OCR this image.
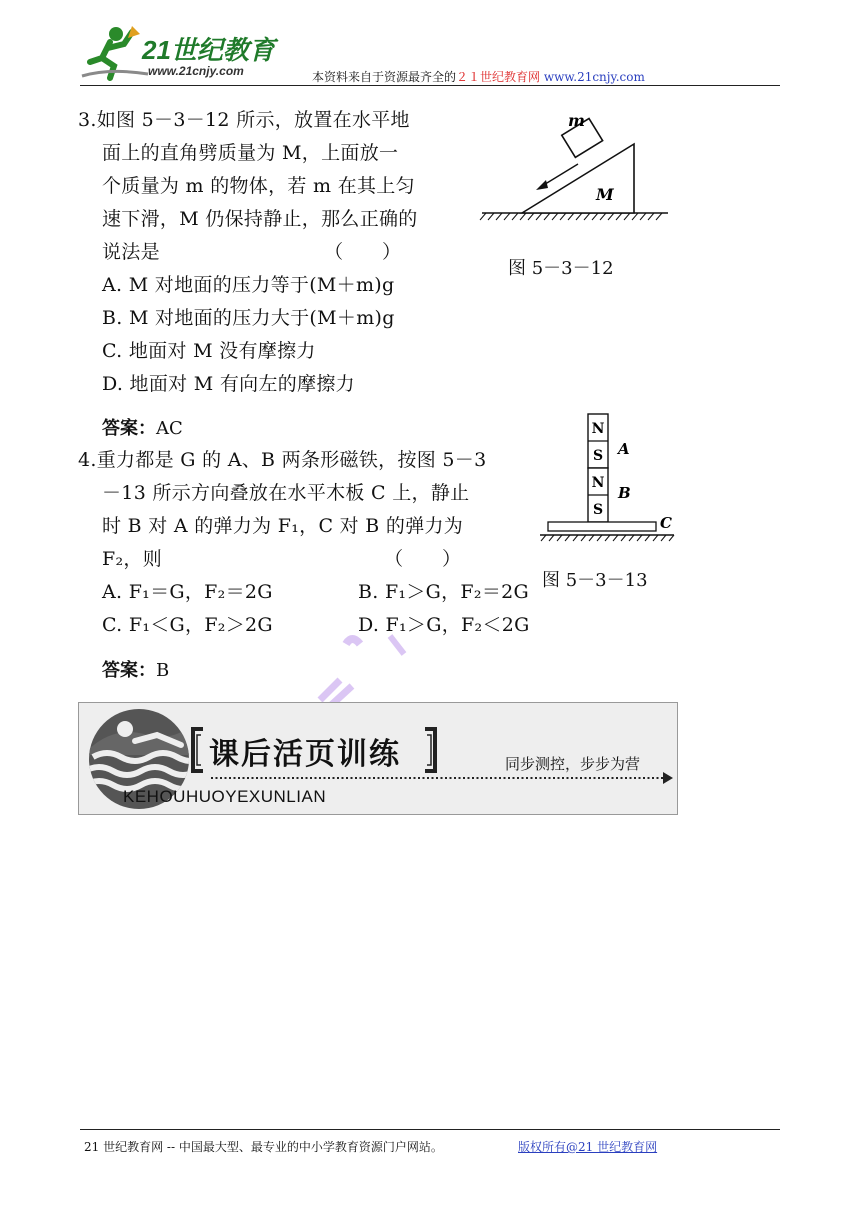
21世纪教育
www.21cnjy.com	本资料来自于资源最齐全的２１世纪教育网 www.21cnjy.com
3.如图 5－3－12 所示，放置在水平地
面上的直角劈质量为 M，上面放一
个质量为 m 的物体，若 m 在其上匀
速下滑，M 仍保持静止，那么正确的
说法是　　　　　　　　　（　　）
A. M 对地面的压力等于(M＋m)g
B. M 对地面的压力大于(M＋m)g
C. 地面对 M 没有摩擦力
D. 地面对 M 有向左的摩擦力
m
M
图 5－3－12
答案：AC
4.重力都是 G 的 A、B 两条形磁铁，按图 5－3
－13 所示方向叠放在水平木板 C 上，静止
时 B 对 A 的弹力为 F₁，C 对 B 的弹力为
F₂，则　　　　　　　　　　　　（　　）
A. F₁＝G，F₂＝2G	B. F₁＞G，F₂＝2G
C. F₁＜G，F₂＞2G	D. F₁＞G，F₂＜2G
N
S
N
S
A
B
C
图 5－3－13
答案：B
课后活页训练	同步测控，步步为营
KEHOUHUOYEXUNLIAN
21 世纪教育网 -- 中国最大型、最专业的中小学教育资源门户网站。	版权所有@21 世纪教育网
